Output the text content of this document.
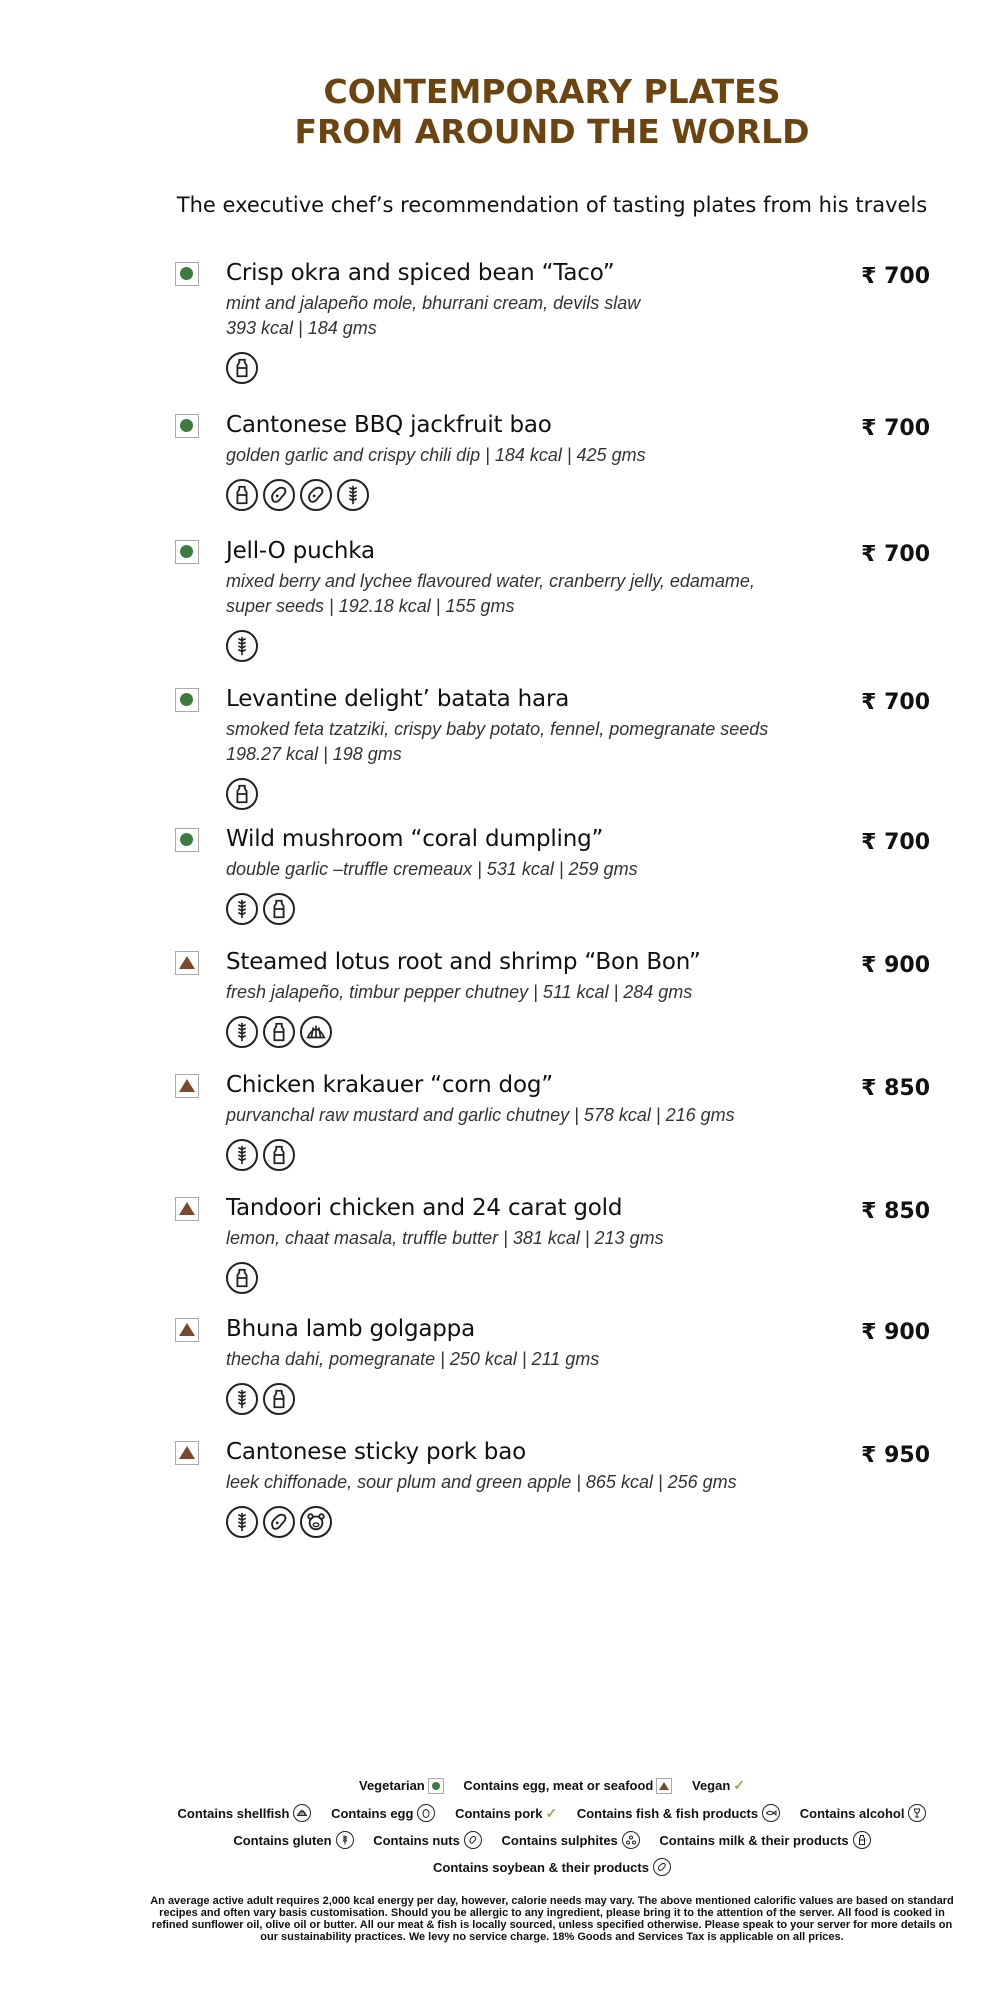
CONTEMPORARY PLATES
FROM AROUND THE WORLD
The executive chef’s recommendation of tasting plates from his travels
Crisp okra and spiced bean “Taco”	₹ 700
mint and jalapeño mole, bhurrani cream, devils slaw
393 kcal | 184 gms
Cantonese BBQ jackfruit bao	₹ 700
golden garlic and crispy chili dip | 184 kcal | 425 gms
Jell-O puchka	₹ 700
mixed berry and lychee flavoured water, cranberry jelly, edamame,
super seeds | 192.18 kcal | 155 gms
Levantine delight’ batata hara	₹ 700
smoked feta tzatziki, crispy baby potato, fennel, pomegranate seeds
198.27 kcal | 198 gms
Wild mushroom “coral dumpling”	₹ 700
double garlic –truffle cremeaux | 531 kcal | 259 gms
Steamed lotus root and shrimp “Bon Bon”	₹ 900
fresh jalapeño, timbur pepper chutney | 511 kcal | 284 gms
Chicken krakauer “corn dog”	₹ 850
purvanchal raw mustard and garlic chutney | 578 kcal | 216 gms
Tandoori chicken and 24 carat gold	₹ 850
lemon, chaat masala, truffle butter | 381 kcal | 213 gms
Bhuna lamb golgappa	₹ 900
thecha dahi, pomegranate | 250 kcal | 211 gms
Cantonese sticky pork bao	₹ 950
leek chiffonade, sour plum and green apple | 865 kcal | 256 gms
Vegetarian
	Contains egg, meat or seafood
	Vegan ✓
Contains shellfish
	Contains egg
	Contains pork ✓
Contains fish & fish products
	Contains alcohol
Contains gluten
	Contains nuts
	Contains sulphites
	Contains milk & their products
Contains soybean & their products
An average active adult requires 2,000 kcal energy per day, however, calorie needs may vary. The above mentioned calorific values are based on standard recipes and often vary basis customisation. Should you be allergic to any ingredient, please bring it to the attention of the server. All food is cooked in refined sunflower oil, olive oil or butter. All our meat & fish is locally sourced, unless specified otherwise. Please speak to your server for more details on our sustainability practices. We levy no service charge. 18% Goods and Services Tax is applicable on all prices.
